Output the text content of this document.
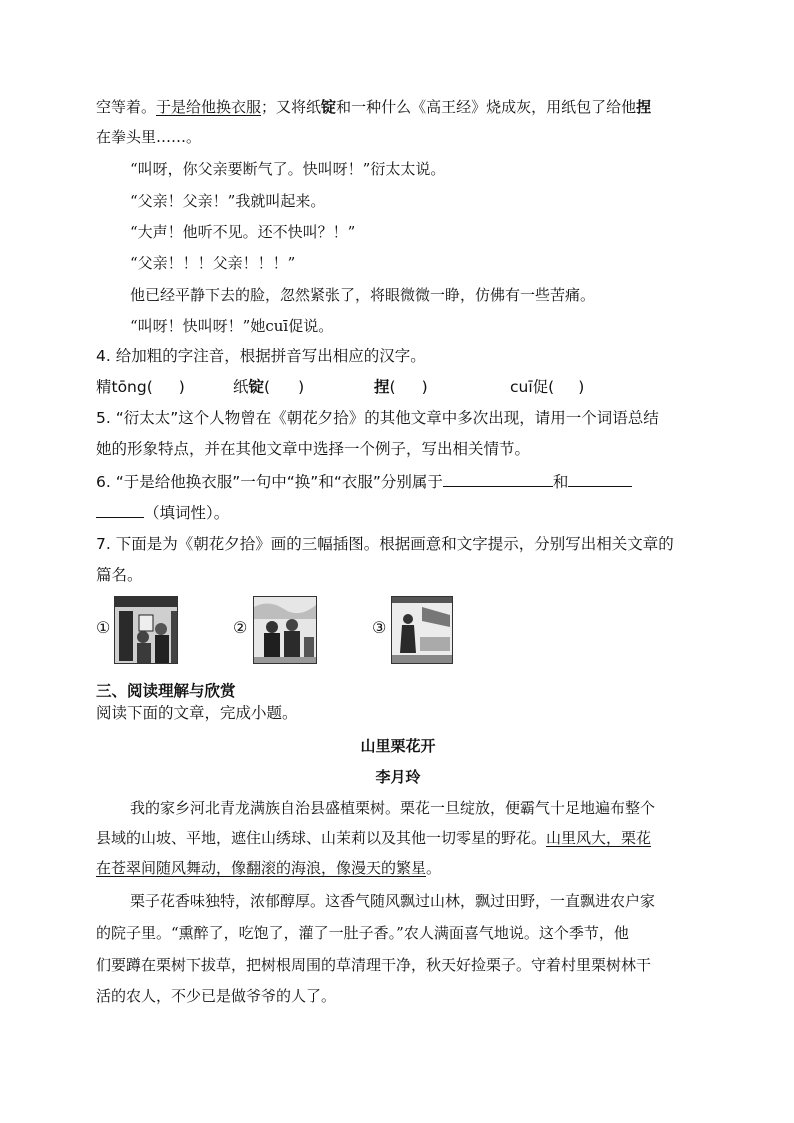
空等着。于是给他换衣服；又将纸锭和一种什么《高王经》烧成灰，用纸包了给他捏
在拳头里……。
“叫呀，你父亲要断气了。快叫呀！”衍太太说。
“父亲！父亲！”我就叫起来。
“大声！他听不见。还不快叫？！”
“父亲！！！父亲！！！”
他已经平静下去的脸，忽然紧张了，将眼微微一睁，仿佛有一些苦痛。
“叫呀！快叫呀！”她cuī促说。
4. 给加粗的字注音，根据拼音写出相应的汉字。
精tōng( )	纸锭( )	捏( )	cuī促( )
5. “衍太太”这个人物曾在《朝花夕拾》的其他文章中多次出现，请用一个词语总结
她的形象特点，并在其他文章中选择一个例子，写出相关情节。
6. “于是给他换衣服”一句中“换”和“衣服”分别属于	和
（填词性）。
7. 下面是为《朝花夕拾》画的三幅插图。根据画意和文字提示，分别写出相关文章的
篇名。
①	②	③
三、阅读理解与欣赏
阅读下面的文章，完成小题。
山里栗花开
李月玲
我的家乡河北青龙满族自治县盛植栗树。栗花一旦绽放，便霸气十足地遍布整个
县域的山坡、平地，遮住山绣球、山茉莉以及其他一切零星的野花。山里风大，栗花
在苍翠间随风舞动，像翻滚的海浪，像漫天的繁星。
栗子花香味独特，浓郁醇厚。这香气随风飘过山林，飘过田野，一直飘进农户家
的院子里。“熏醉了，吃饱了，灌了一肚子香。”农人满面喜气地说。这个季节，他
们要蹲在栗树下拔草，把树根周围的草清理干净，秋天好捡栗子。守着村里栗树林干
活的农人，不少已是做爷爷的人了。
